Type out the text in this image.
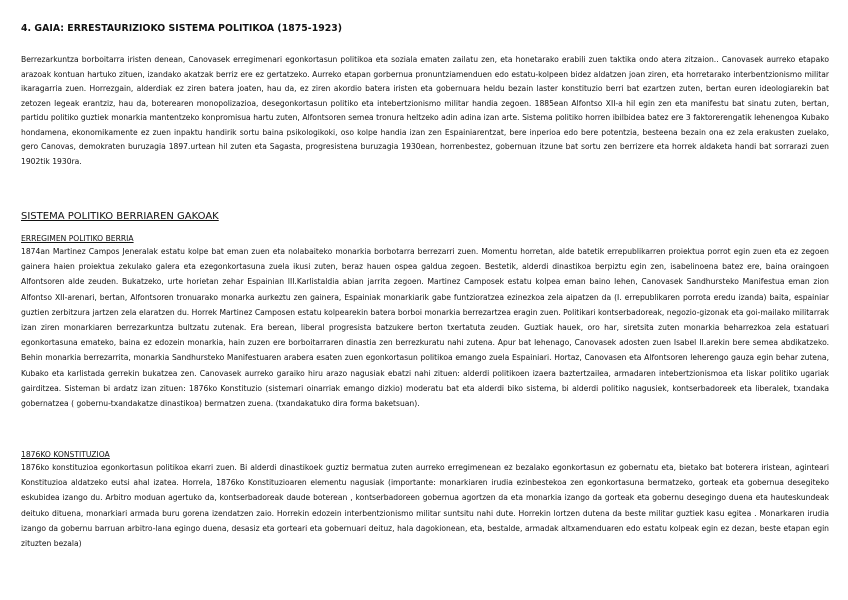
4. GAIA: ERRESTAURIZIOKO SISTEMA POLITIKOA (1875-1923)

Berrezarkuntza borboitarra iristen denean, Canovasek erregimenari egonkortasun politikoa eta soziala ematen zailatu zen, eta honetarako erabili zuen taktika ondo atera zitzaion.. Canovasek aurreko etapako arazoak kontuan hartuko zituen, izandako akatzak berriz ere ez gertatzeko. Aurreko etapan gorbernua pronuntziamenduen edo estatu-kolpeen bidez aldatzen joan ziren, eta horretarako interbentzionismo militar ikaragarria zuen. Horrezgain, alderdiak ez ziren batera joaten, hau da, ez ziren akordio batera iristen eta gobernuara heldu bezain laster konstituzio berri bat ezartzen zuten, bertan euren ideologiarekin bat zetozen legeak erantziz, hau da, boterearen monopolizazioa, desegonkortasun politiko eta intebertzionismo militar handia zegoen. 1885ean Alfontso XII-a hil egin zen eta manifestu bat sinatu zuten, bertan, partidu politiko guztiek monarkia mantentzeko konpromisua hartu zuten, Alfontsoren semea tronura heltzeko adin adina izan arte. Sistema politiko horren ibilbidea batez ere 3 faktorerengatik lehenengoa Kubako hondamena, ekonomikamente ez zuen inpaktu handirik sortu baina psikologikoki, oso kolpe handia izan zen Espainiarentzat, bere inperioa edo bere potentzia, besteena bezain ona ez zela erakusten zuelako, gero Canovas, demokraten buruzagia 1897.urtean hil zuten eta Sagasta, progresistena buruzagia 1930ean, horrenbestez, gobernuan itzune bat sortu zen berrizere eta horrek aldaketa handi bat sorrarazi zuen 1902tik 1930ra.

SISTEMA POLITIKO BERRIAREN GAKOAK
ERREGIMEN POLITIKO BERRIA

1874an Martinez Campos Jeneralak estatu kolpe bat eman zuen eta nolabaiteko monarkia borbotarra berrezarri zuen. Momentu horretan, alde batetik errepublikarren proiektua porrot egin zuen eta ez zegoen gainera haien proiektua zekulako galera eta ezegonkortasuna zuela ikusi zuten, beraz hauen ospea galdua zegoen. Bestetik, alderdi dinastikoa berpiztu egin zen, isabelinoena batez ere, baina oraingoen Alfontsoren alde zeuden. Bukatzeko, urte horietan zehar Espainian III.Karlistaldia abian jarrita zegoen. Martinez Camposek estatu kolpea eman baino lehen, Canovasek Sandhursteko Manifestua eman zion Alfontso XII-arenari, bertan, Alfontsoren tronuarako monarka aurkeztu zen gainera, Espainiak monarkiarik gabe funtzioratzea ezinezkoa zela aipatzen da (I. errepublikaren porrota eredu izanda) baita, espainiar guztien zerbitzura jartzen zela elaratzen du. Horrek Martinez Camposen estatu kolpearekin batera borboi monarkia berrezartzea eragin zuen. Politikari kontserbadoreak, negozio-gizonak eta goi-mailako militarrak izan ziren monarkiaren berrezarkuntza bultzatu zutenak. Era berean, liberal progresista batzukere berton txertatuta zeuden. Guztiak hauek, oro har, siretsita zuten monarkia beharrezkoa zela estatuari egonkortasuna emateko, baina ez edozein monarkia, hain zuzen ere borboitarraren dinastia zen berrezkuratu nahi zutena. Apur bat lehenago, Canovasek adosten zuen Isabel II.arekin bere semea abdikatzeko. Behin monarkia berrezarrita, monarkia Sandhursteko Manifestuaren arabera esaten zuen egonkortasun politikoa emango zuela Espainiari. Hortaz, Canovasen eta Alfontsoren leherengo gauza egin behar zutena, Kubako eta karlistada gerrekin bukatzea zen. Canovasek aurreko garaiko hiru arazo nagusiak ebatzi nahi zituen: alderdi politikoen izaera baztertzailea, armadaren intebertzionismoa eta liskar politiko ugariak gairditzea. Sisteman bi ardatz izan zituen: 1876ko Konstituzio (sistemari oinarriak emango dizkio) moderatu bat eta alderdi biko sistema, bi alderdi politiko nagusiek, kontserbadoreek eta liberalek, txandaka gobernatzea ( gobernu-txandakatze dinastikoa) bermatzen zuena. (txandakatuko dira forma baketsuan).

1876KO KONSTITUZIOA

1876ko konstituzioa egonkortasun politikoa ekarri zuen. Bi alderdi dinastikoek guztiz bermatua zuten aurreko erregimenean ez bezalako egonkortasun ez gobernatu eta, bietako bat boterera iristean, aginteari Konstituzioa aldatzeko eutsi ahal izatea. Horrela, 1876ko Konstituzioaren elementu nagusiak (importante: monarkiaren irudia ezinbestekoa zen egonkortasuna bermatzeko, gorteak eta gobernua desegiteko eskubidea izango du. Arbitro moduan agertuko da, kontserbadoreak daude boterean , kontserbadoreen gobernua agortzen da eta monarkia izango da gorteak eta gobernu desegingo duena eta hauteskundeak deituko dituena, monarkiari armada buru gorena izendatzen zaio. Horrekin edozein interbentzionismo militar suntsitu nahi dute. Horrekin lortzen dutena da beste militar guztiek kasu egitea . Monarkaren irudia izango da gobernu barruan arbitro-lana egingo duena, desasiz eta gorteari eta gobernuari deituz, hala dagokionean, eta, bestalde, armadak altxamenduaren edo estatu kolpeak egin ez dezan, beste etapan egin zituzten bezala)
